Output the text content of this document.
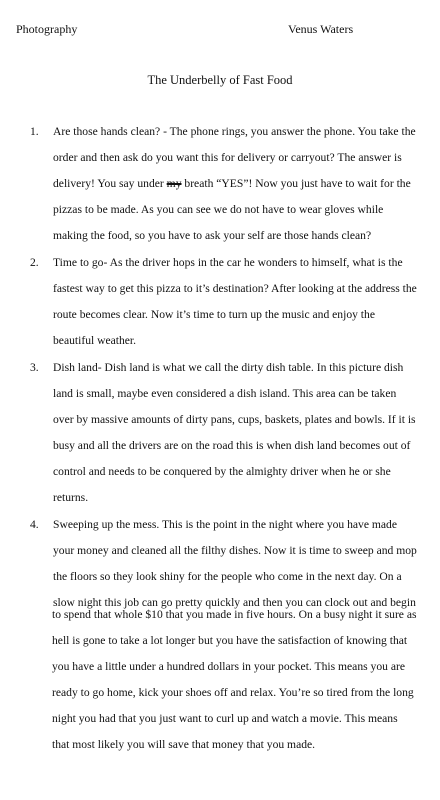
Photography	Venus Waters
The Underbelly of Fast Food
1. Are those hands clean? - The phone rings, you answer the phone. You take the
order and then ask do you want this for delivery or carryout? The answer is
delivery! You say under
my breath “YES”! Now you just have to wait for the
pizzas to be made. As you can see we do not have to wear gloves while
making the food, so you have to ask your self are those hands clean?
2. Time to go- As the driver hops in the car he wonders to himself, what is the
fastest way to get this pizza to it’s destination? After looking at the address the
route becomes clear. Now it’s time to turn up the music and enjoy the
beautiful weather.
3. Dish land- Dish land is what we call the dirty dish table. In this picture dish
land is small, maybe even considered a dish island. This area can be taken
over by massive amounts of dirty pans, cups, baskets, plates and bowls. If it is
busy and all the drivers are on the road this is when dish land becomes out of
control and needs to be conquered by the almighty driver when he or she
returns.
4. Sweeping up the mess. This is the point in the night where you have made
your money and cleaned all the filthy dishes. Now it is time to sweep and mop
the floors so they look shiny for the people who come in the next day. On a
slow night this job can go pretty quickly and then you can clock out and begin
to spend that whole $10 that you made in five hours. On a busy night it sure as
hell is gone to take a lot longer but you have the satisfaction of knowing that
you have a little under a hundred dollars in your pocket. This means you are
ready to go home, kick your shoes off and relax. You’re so tired from the long
night you had that you just want to curl up and watch a movie. This means
that most likely you will save that money that you made.
